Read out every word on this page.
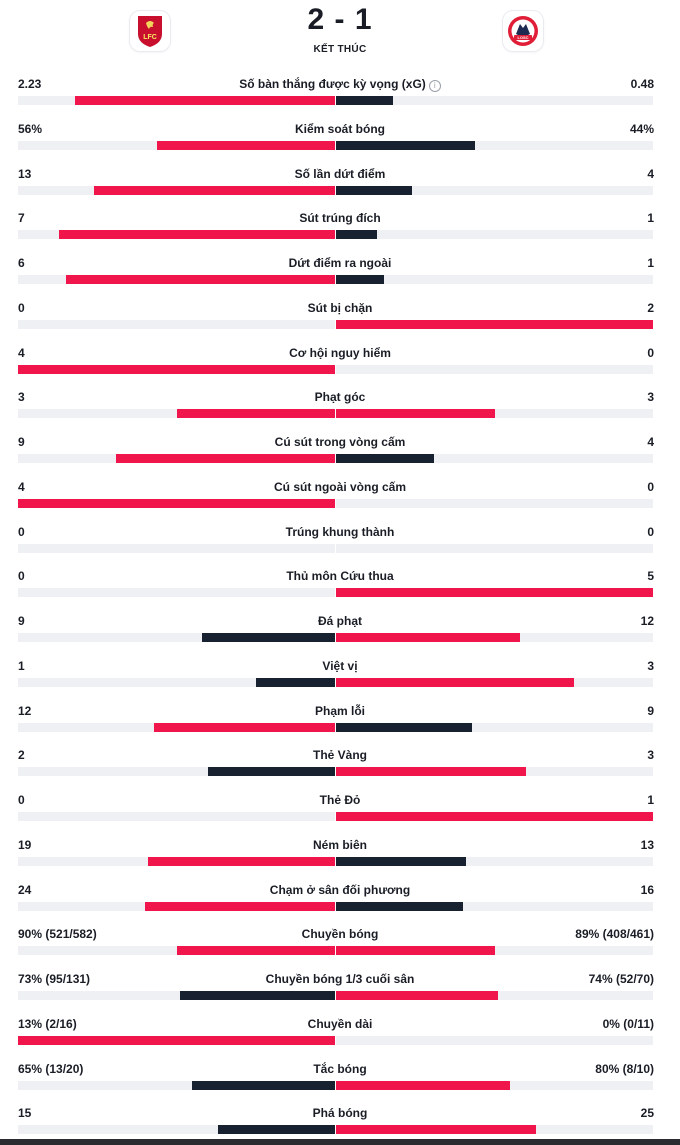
LFC
2 - 1
KẾT THÚC
LOSC
2.23	Số bàn thắng được kỳ vọng (xG) i	0.48
56%	Kiểm soát bóng	44%
13	Số lần dứt điểm	4
7	Sút trúng đích	1
6	Dứt điểm ra ngoài	1
0	Sút bị chặn	2
4	Cơ hội nguy hiểm	0
3	Phạt góc	3
9	Cú sút trong vòng cấm	4
4	Cú sút ngoài vòng cấm	0
0	Trúng khung thành	0
0	Thủ môn Cứu thua	5
9	Đá phạt	12
1	Việt vị	3
12	Phạm lỗi	9
2	Thẻ Vàng	3
0	Thẻ Đỏ	1
19	Ném biên	13
24	Chạm ở sân đối phương	16
90% (521/582)	Chuyền bóng	89% (408/461)
73% (95/131)	Chuyền bóng 1/3 cuối sân	74% (52/70)
13% (2/16)	Chuyền dài	0% (0/11)
65% (13/20)	Tắc bóng	80% (8/10)
15	Phá bóng	25
